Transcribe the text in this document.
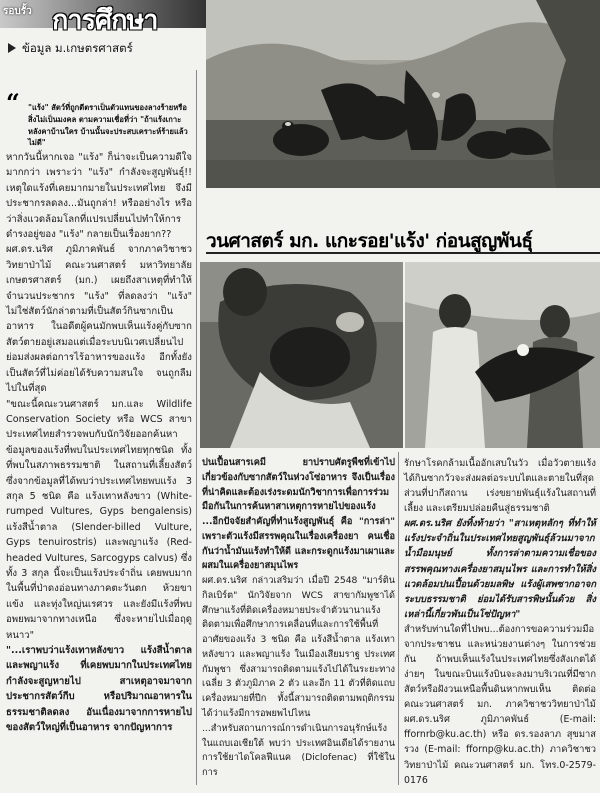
รอบรั้ว การศึกษา
ข้อมูล ม.เกษตรศาสตร์
วนศาสตร์ มก. แกะรอย'แร้ง' ก่อนสูญพันธุ์
“ "แร้ง" สัตว์ที่ถูกตีตราเป็นตัวแทนของลางร้ายหรือสิ่งไม่เป็นมงคล ตามความเชื่อที่ว่า "ถ้าแร้งเกาะหลังคาบ้านใคร บ้านนั้นจะประสบเคราะห์ร้ายแล้วไม่ดี"

หากวันนี้หากเจอ "แร้ง" ก็น่าจะเป็นความดีใจมากกว่า เพราะว่า "แร้ง" กำลังจะสูญพันธุ์!! เหตุใดแร้งที่เคยมากมายในประเทศไทย จึงมีประชากรลดลง...มันถูกล่า! หรืออย่างไร หรือว่าสิ่งแวดล้อมโลกที่แปรเปลี่ยนไปทำให้การดำรงอยู่ของ "แร้ง" กลายเป็นเรื่องยาก??

ผศ.ดร.นริศ ภูมิภาคพันธ์ จากภาควิชาชววิทยาป่าไม้ คณะวนศาสตร์ มหาวิทยาลัยเกษตรศาสตร์ (มก.) เผยถึงสาเหตุที่ทำให้จำนวนประชากร "แร้ง" ที่ลดลงว่า "แร้ง" ไม่ใช่สัตว์นักล่าตามที่เป็นสัตว์กินซากเป็นอาหาร ในอดีตผู้คนมักพบเห็นแร้งคู่กับซากสัตว์ตายอยู่เสมอแต่เมื่อระบบนิเวศเปลี่ยนไปย่อมส่งผลต่อการไร้อาหารของแร้ง อีกทั้งยังเป็นสัตว์ที่ไม่ค่อยได้รับความสนใจ จนถูกลืมไปในที่สุด

"ขณะนี้คณะวนศาสตร์ มก.และ Wildlife Conservation Society หรือ WCS สาขาประเทศไทยสำรวจพบกับนักวิจัยออกค้นหาข้อมูลของแร้งที่พบในประเทศไทยทุกชนิด ทั้งที่พบในสภาพธรรมชาติ ในสถานที่เลี้ยงสัตว์ ซึ่งจากข้อมูลที่ได้พบว่าประเทศไทยพบแร้ง 3 สกุล 5 ชนิด คือ แร้งเทาหลังขาว (White-rumped Vultures, Gyps bengalensis) แร้งสีน้ำตาล (Slender-billed Vulture, Gyps tenuirostris) และพญาแร้ง (Red-headed Vultures, Sarcogyps calvus) ซึ่งทั้ง 3 สกุล นี้จะเป็นแร้งประจำถิ่น เคยพบมากในพื้นที่ป่าดงอ่อนทางภาคตะวันตก ห้วยขาแข้ง และทุ่งใหญ่นเรศวร และยังมีแร้งที่พบอพยพมาจากทางเหนือ ซึ่งจะหายไปเมื่อฤดูหนาว"

"...เราพบว่าแร้งเทาหลังขาว แร้งสีน้ำตาลและพญาแร้ง ที่เคยพบมากในประเทศไทยกำลังจะสูญหายไป สาเหตุอาจมาจากประชากรสัตว์กีบ หรือปริมาณอาหารในธรรมชาติลดลง อันเนื่องมาจากการหายไปของสัตว์ใหญ่ที่เป็นอาหาร จากปัญหาการ

ปนเปื้อนสารเคมี ยาปราบศัตรูพืชที่เข้าไปเกี่ยวข้องกับซากสัตว์ในห่วงโซ่อาหาร จึงเป็นเรื่องที่น่าคิดและต้องเร่งระดมนักวิชาการเพื่อการร่วมมือกันในการค้นหาสาเหตุการหายไปของแร้ง

...อีกปัจจัยสำคัญที่ทำแร้งสูญพันธุ์ คือ "การล่า" เพราะตัวแร้งมีสรรพคุณในเรื่องเครื่องยา คนเชื่อกันว่าน้ำมันแร้งทำให้ดี และกระดูกแร้งมาเผาและผสมในเครื่องยาสมุนไพร

ผศ.ดร.นริศ กล่าวเสริมว่า เมื่อปี 2548 "มาร์ติน กิลเบิร์ต" นักวิจัยจาก WCS สาขากัมพูชาได้ศึกษาแร้งที่ติดเครื่องหมายประจำตัวนานาแร้งติดตามเพื่อศึกษาการเคลื่อนที่และการใช้พื้นที่อาศัยของแร้ง 3 ชนิด คือ แร้งสีน้ำตาล แร้งเทาหลังขาว และพญาแร้ง ในเมืองเสียมราฐ ประเทศกัมพูชา ซึ่งสามารถติดตามแร้งไปได้ในระยะทางเฉลี่ย 3 ตัวภูมิภาค 2 ตัว และอีก 11 ตัวที่ติดแถบเครื่องหมายที่ปีก ทั้งนี้สามารถติดตามพฤติกรรมได้ว่าแร้งมีการอพยพไปไหน

...สำหรับสถานการณ์การดำเนินการอนุรักษ์แร้งในแถบเอเชียใต้ พบว่า ประเทศอินเดียได้รายงานการใช้ยาไดโคลฟีแนค (Diclofenac) ที่ใช้ในการ

รักษาโรคกล้ามเนื้ออักเสบในวัว เมื่อวัวตายแร้งได้กินซากวัวจะส่งผลต่อระบบไตและตายในที่สุด ส่วนที่ปากีสถาน เร่งขยายพันธุ์แร้งในสถานที่เลี้ยง และเตรียมปล่อยคืนสู่ธรรมชาติ

ผศ.ดร.นริศ ยังทิ้งท้ายว่า "สาเหตุหลักๆ ที่ทำให้แร้งประจำถิ่นในประเทศไทยสูญพันธุ์ล้วนมาจากน้ำมือมนุษย์ ทั้งการล่าตามความเชื่อของสรรพคุณทางเครื่องยาสมุนไพร และการทำให้สิ่งแวดล้อมปนเปื้อนด้วยมลพิษ แร้งผู้เสพซากอาจกระบบธรรมชาติ ย่อมได้รับสารพิษนั้นด้วย สิ่งเหล่านี้เกี่ยวพันเป็นโซ่ปัญหา"

สำหรับท่านใดที่ไปพบ...ต้องการขอความร่วมมือจากประชาชน และหน่วยงานต่างๆ ในการช่วยกัน ถ้าพบเห็นแร้งในประเทศไทยซึ่งสังเกตได้ง่ายๆ ในขณะบินแร้งบินจะลงมาบริเวณที่มีซากสัตว์หรือฝังวนเหนือพื้นดินหากพบเห็น ติดต่อคณะวนศาสตร์ มก. ภาควิชาชววิทยาป่าไม้ ผศ.ดร.นริศ ภูมิภาคพันธ์ (E-mail: ffornrb@ku.ac.th) หรือ ดร.รองลาภ สุขมาสรวง (E-mail: ffornp@ku.ac.th) ภาควิชาชววิทยาป่าไม้ คณะวนศาสตร์ มก. โทร.0-2579-0176
